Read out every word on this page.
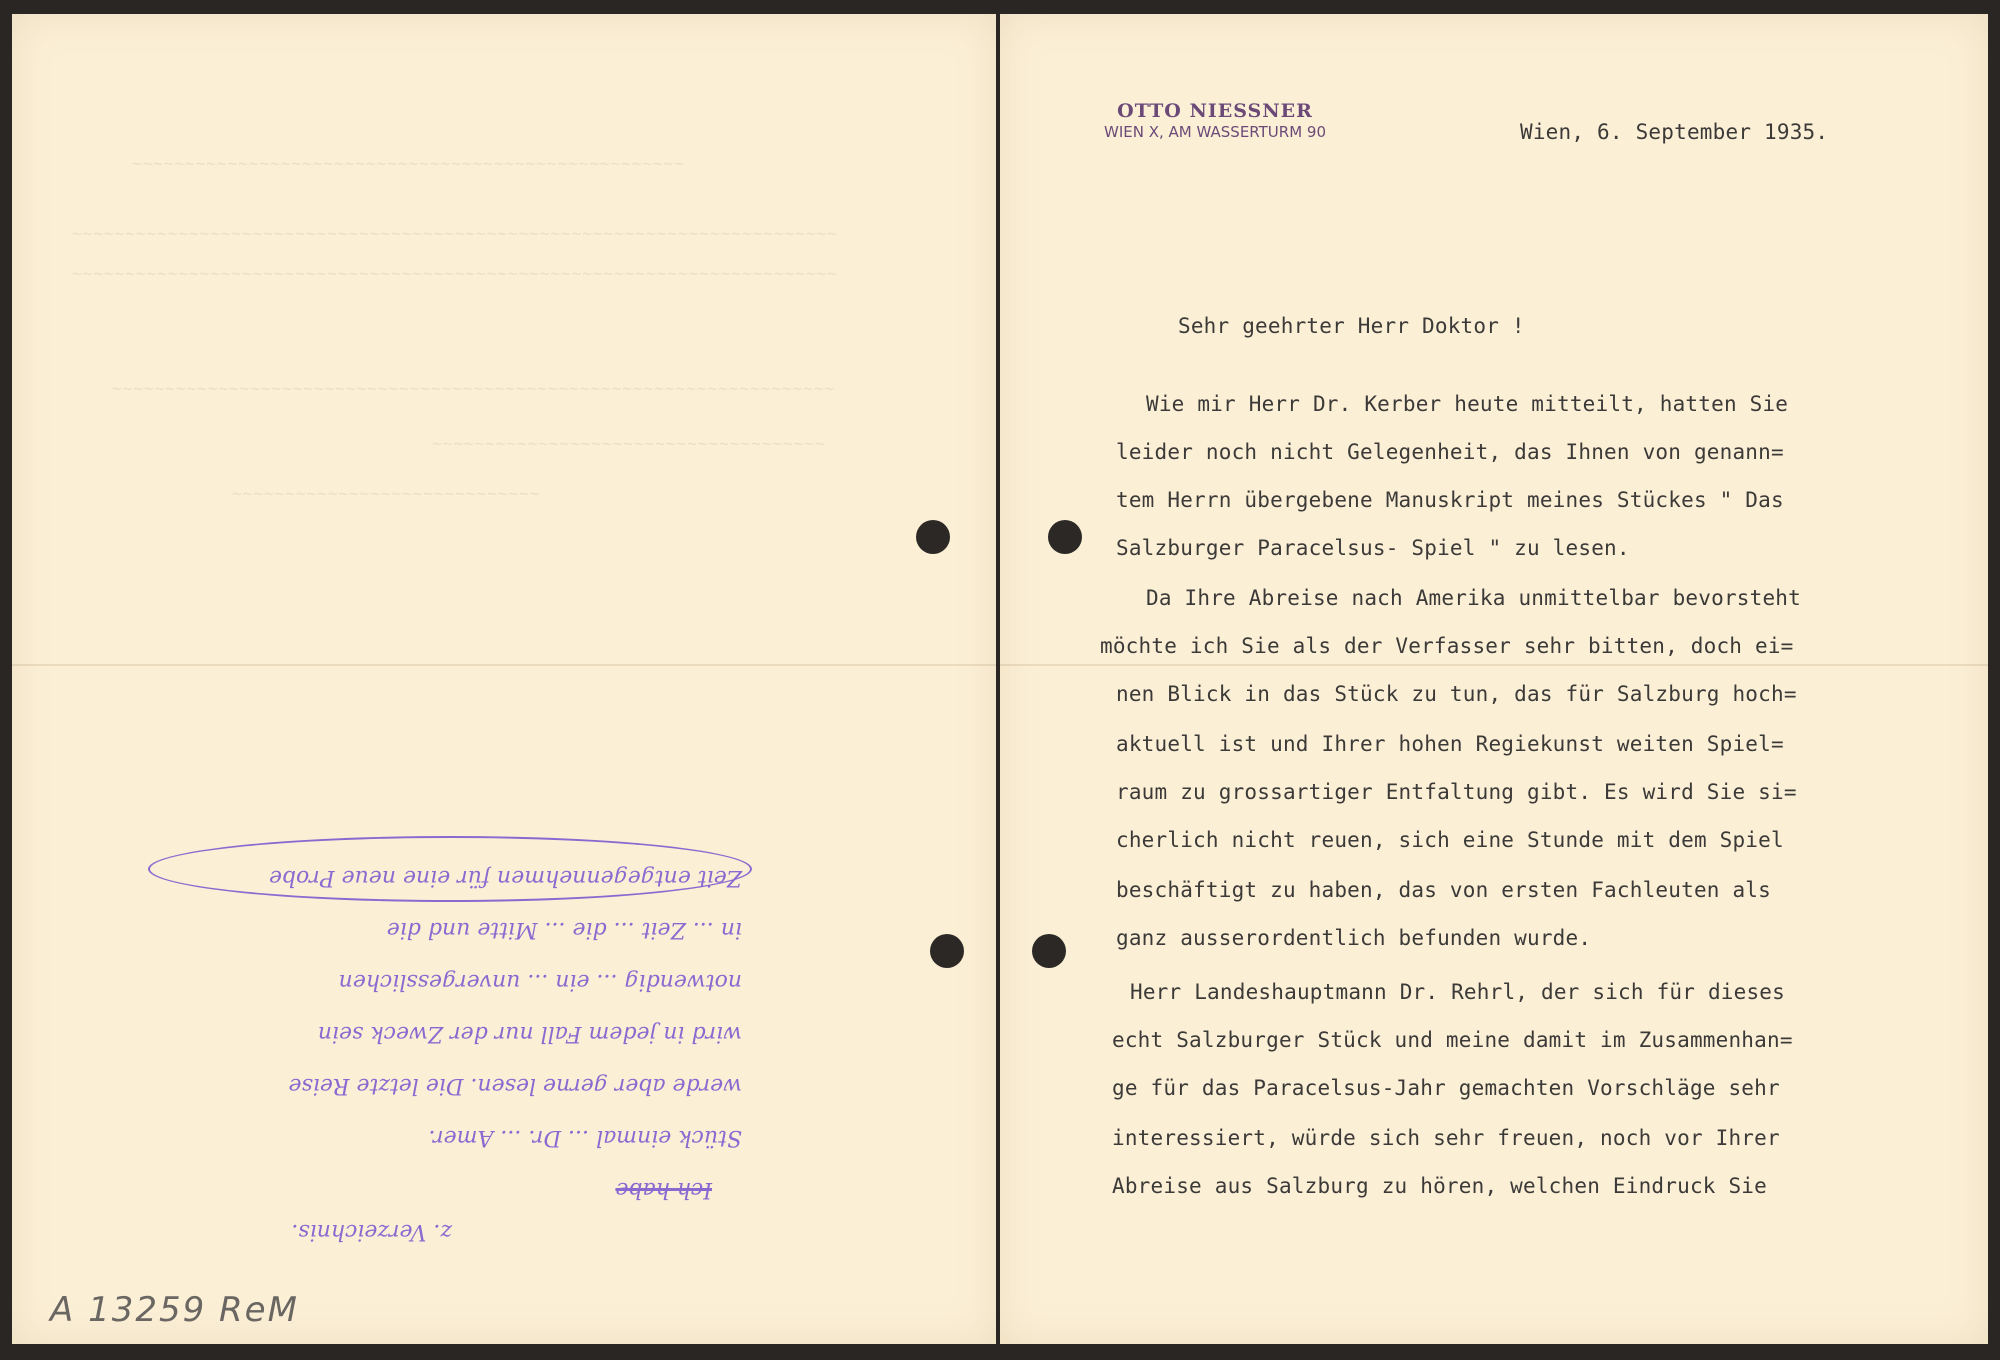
~~~~~~~~~~~~~~~~~~~~~~~~~~~~~~~~~~~~~~~~~~~~~~~~~~~~
~~~~~~~~~~~~~~~~~~~~~~~~~~~~~~~~~~~~~~~~~~~~~~~~~~~~~~~~~~~~~~~~~~~~~~~~
~~~~~~~~~~~~~~~~~~~~~~~~~~~~~~~~~~~~~~~~~~~~~~~~~~~~~~~~~~~~~~~~~~~~~~~~
~~~~~~~~~~~~~~~~~~~~~~~~~~~~~~~~~~~~~~~~~~~~~~~~~~~~~~~~~~~~~~~~~~~~
~~~~~~~~~~~~~~~~~~~~~~~~~~~~~~~~~~~~~
~~~~~~~~~~~~~~~~~~~~~~~~~~~~~
z. Verzeichnis.
Ich habe
Stück einmal ... Dr. ... Amer.
werde aber gerne lesen. Die letzte Reise
wird in jedem Fall nur der Zweck sein
notwendig ... ein ... unvergesslichen
in ... Zeit ... die ... Mitte und die
Zeit entgegennehmen für eine neue Probe
A 13259 ReM
OTTO NIESSNER
WIEN X, AM WASSERTURM 90	Wien, 6. September 1935.
Sehr geehrter Herr Doktor !
Wie mir Herr Dr. Kerber heute mitteilt, hatten Sie
leider noch nicht Gelegenheit, das Ihnen von genann=
tem Herrn übergebene Manuskript meines Stückes " Das
Salzburger Paracelsus- Spiel " zu lesen.
Da Ihre Abreise nach Amerika unmittelbar bevorsteht
möchte ich Sie als der Verfasser sehr bitten, doch ei=
nen Blick in das Stück zu tun, das für Salzburg hoch=
aktuell ist und Ihrer hohen Regiekunst weiten Spiel=
raum zu grossartiger Entfaltung gibt. Es wird Sie si=
cherlich nicht reuen, sich eine Stunde mit dem Spiel
beschäftigt zu haben, das von ersten Fachleuten als
ganz ausserordentlich befunden wurde.
Herr Landeshauptmann Dr. Rehrl, der sich für dieses
echt Salzburger Stück und meine damit im Zusammenhan=
ge für das Paracelsus-Jahr gemachten Vorschläge sehr
interessiert, würde sich sehr freuen, noch vor Ihrer
Abreise aus Salzburg zu hören, welchen Eindruck Sie
